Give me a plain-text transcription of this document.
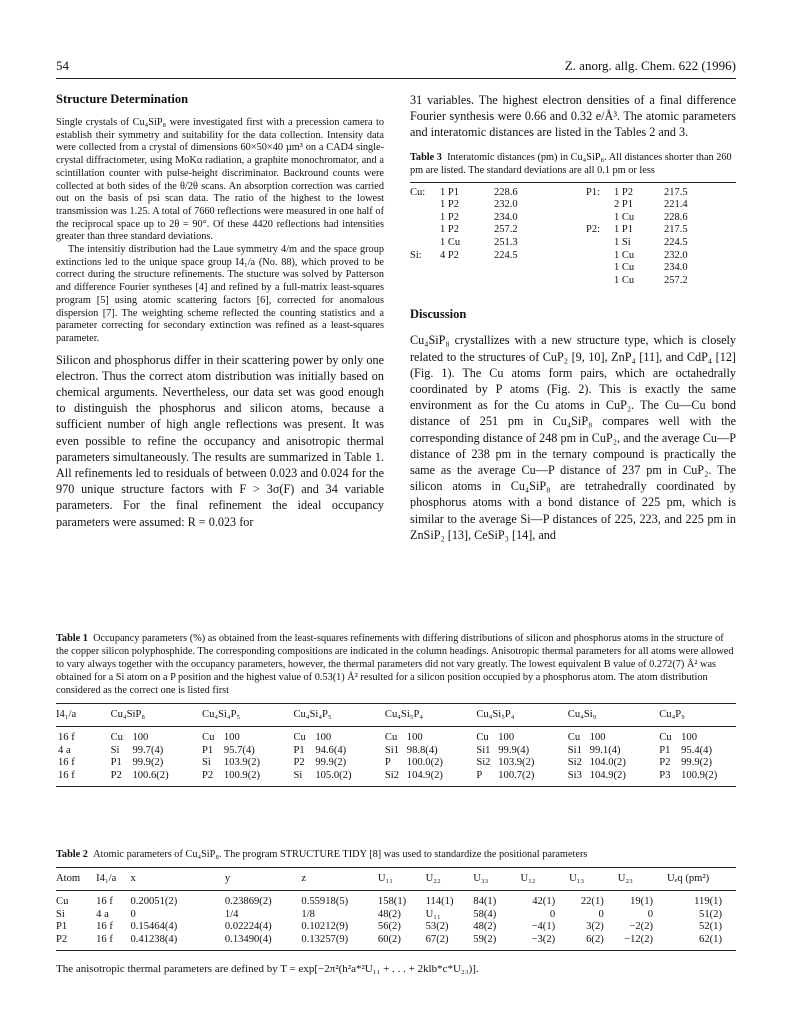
54	Z. anorg. allg. Chem. 622 (1996)
Structure Determination

Single crystals of Cu₄SiP₈ were investigated first with a precession camera to establish their symmetry and suitability for the data collection. Intensity data were collected from a crystal of dimensions 60×50×40 µm³ on a CAD4 single-crystal diffractometer, using MoKα radiation, a graphite monochromator, and a scintillation counter with pulse-height discriminator. Backround counts were collected at both sides of the θ/2θ scans. An absorption correction was carried out on the basis of psi scan data. The ratio of the highest to the lowest transmission was 1.25. A total of 7660 reflections were measured in one half of the reciprocal space up to 2θ = 90°. Of these 4420 reflections had intensities greater than three standard deviations.

The intensitiy distribution had the Laue symmetry 4/m and the space group extinctions led to the unique space group I4₁/a (No. 88), which proved to be correct during the structure refinements. The stucture was solved by Patterson and difference Fourier syntheses [4] and refined by a full-matrix least-squares program [5] using atomic scattering factors [6], corrected for anomalous dispersion [7]. The weighting scheme reflected the counting statistics and a parameter correcting for secondary extinction was refined as a least-squares parameter.

Silicon and phosphorus differ in their scattering power by only one electron. Thus the correct atom distribution was initially based on chemical arguments. Nevertheless, our data set was good enough to distinguish the phosphorus and silicon atoms, because a sufficient number of high angle reflections was present. It was even possible to refine the occupancy and anisotropic thermal parameters simultaneously. The results are summarized in Table 1. All refinements led to residuals of between 0.023 and 0.024 for the 970 unique structure factors with F > 3σ(F) and 34 variable parameters. For the final refinement the ideal occupancy parameters were assumed: R = 0.023 for

31 variables. The highest electron densities of a final difference Fourier synthesis were 0.66 and 0.32 e/Å³. The atomic parameters and interatomic distances are listed in the Tables 2 and 3.

Table 3 Interatomic distances (pm) in Cu₄SiP₈. All distances shorter than 260 pm are listed. The standard deviations are all 0.1 pm or less

Cu:	1 P1	228.6	P1:	1 P2	217.5
	1 P2	232.0		2 P1	221.4
	1 P2	234.0		1 Cu	228.6
	1 P2	257.2	P2:	1 P1	217.5
	1 Cu	251.3		1 Si	224.5
Si:	4 P2	224.5		1 Cu	232.0
				1 Cu	234.0
				1 Cu	257.2
Discussion

Cu₄SiP₈ crystallizes with a new structure type, which is closely related to the structures of CuP₂ [9, 10], ZnP₄ [11], and CdP₄ [12] (Fig. 1). The Cu atoms form pairs, which are octahedrally coordinated by P atoms (Fig. 2). This is exactly the same environment as for the Cu atoms in CuP₂. The Cu—Cu bond distance of 251 pm in Cu₄SiP₈ compares well with the corresponding distance of 248 pm in CuP₂, and the average Cu—P distance of 238 pm in the ternary compound is practically the same as the average Cu—P distance of 237 pm in CuP₂. The silicon atoms in Cu₄SiP₈ are tetrahedrally coordinated by phosphorus atoms with a bond distance of 225 pm, which is similar to the average Si—P distances of 225, 223, and 225 pm in ZnSiP₂ [13], CeSiP₃ [14], and

Table 1 Occupancy parameters (%) as obtained from the least-squares refinements with differing distributions of silicon and phosphorus atoms in the structure of the copper silicon polyphosphide. The corresponding compositions are indicated in the column headings. Anisotropic thermal parameters for all atoms were allowed to vary always together with the occupancy parameters, however, the thermal parameters did not vary greatly. The lowest equivalent B value of 0.272(7) Å² was obtained for a Si atom on a P position and the highest value of 0.53(1) Å² resulted for a silicon position occupied by a phosphorus atom. The atom distribution considered as the correct one is listed first

I4₁/a	Cu₄SiP₈		Cu₄Si₄P₅		Cu₄Si₄P₅		Cu₄Si₅P₄		Cu₄Si₅P₄		Cu₄Si₉		Cu₄P₉	
16 f	Cu	100	Cu	100	Cu	100	Cu	100	Cu	100	Cu	100	Cu	100
4 a	Si	99.7(4)	P1	95.7(4)	P1	94.6(4)	Si1	98.8(4)	Si1	99.9(4)	Si1	99.1(4)	P1	95.4(4)
16 f	P1	99.9(2)	Si	103.9(2)	P2	99.9(2)	P	100.0(2)	Si2	103.9(2)	Si2	104.0(2)	P2	99.9(2)
16 f	P2	100.6(2)	P2	100.9(2)	Si	105.0(2)	Si2	104.9(2)	P	100.7(2)	Si3	104.9(2)	P3	100.9(2)

Table 2 Atomic parameters of Cu₄SiP₈. The program STRUCTURE TIDY [8] was used to standardize the positional parameters

Atom	I4₁/a	x	y	z	U₁₁	U₂₂	U₃₃	U₁₂	U₁₃	U₂₃	Uₑq (pm²)
Cu	16 f	0.20051(2)	0.23869(2)	0.55918(5)	158(1)	114(1)	84(1)	42(1)	22(1)	19(1)	119(1)
Si	4 a	0	1/4	1/8	48(2)	U₁₁	58(4)	0	0	0	51(2)
P1	16 f	0.15464(4)	0.02224(4)	0.10212(9)	56(2)	53(2)	48(2)	−4(1)	3(2)	−2(2)	52(1)
P2	16 f	0.41238(4)	0.13490(4)	0.13257(9)	60(2)	67(2)	59(2)	−3(2)	6(2)	−12(2)	62(1)
The anisotropic thermal parameters are defined by T = exp[−2π²(h²a*²U₁₁ + . . . + 2klb*c*U₂₃)].
